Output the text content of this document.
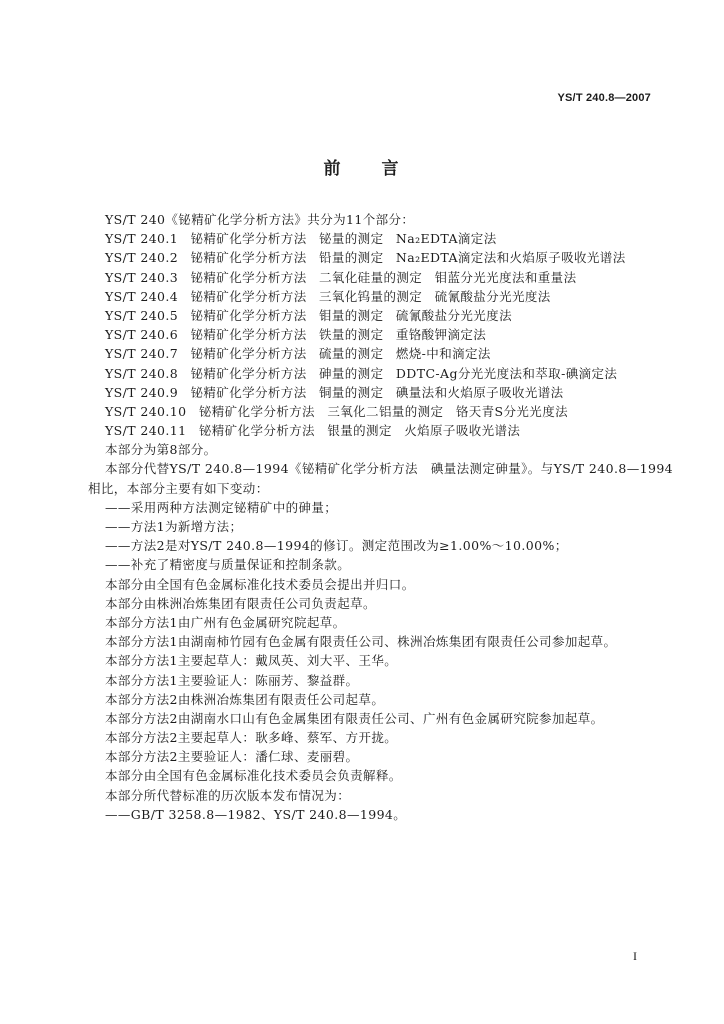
YS/T 240.8—2007
前　言
YS/T 240《铋精矿化学分析方法》共分为11个部分：
YS/T 240.1 铋精矿化学分析方法 铋量的测定 Na₂EDTA滴定法
YS/T 240.2 铋精矿化学分析方法 铅量的测定 Na₂EDTA滴定法和火焰原子吸收光谱法
YS/T 240.3 铋精矿化学分析方法 二氧化硅量的测定 钼蓝分光光度法和重量法
YS/T 240.4 铋精矿化学分析方法 三氧化钨量的测定 硫氰酸盐分光光度法
YS/T 240.5 铋精矿化学分析方法 钼量的测定 硫氰酸盐分光光度法
YS/T 240.6 铋精矿化学分析方法 铁量的测定 重铬酸钾滴定法
YS/T 240.7 铋精矿化学分析方法 硫量的测定 燃烧-中和滴定法
YS/T 240.8 铋精矿化学分析方法 砷量的测定 DDTC-Ag分光光度法和萃取-碘滴定法
YS/T 240.9 铋精矿化学分析方法 铜量的测定 碘量法和火焰原子吸收光谱法
YS/T 240.10 铋精矿化学分析方法 三氧化二铝量的测定 铬天青S分光光度法
YS/T 240.11 铋精矿化学分析方法 银量的测定 火焰原子吸收光谱法
本部分为第8部分。
本部分代替YS/T 240.8—1994《铋精矿化学分析方法　碘量法测定砷量》。与YS/T 240.8—1994
相比，本部分主要有如下变动：
——采用两种方法测定铋精矿中的砷量；
——方法1为新增方法；
——方法2是对YS/T 240.8—1994的修订。测定范围改为≥1.00%～10.00%；
——补充了精密度与质量保证和控制条款。
本部分由全国有色金属标准化技术委员会提出并归口。
本部分由株洲冶炼集团有限责任公司负责起草。
本部分方法1由广州有色金属研究院起草。
本部分方法1由湖南柿竹园有色金属有限责任公司、株洲冶炼集团有限责任公司参加起草。
本部分方法1主要起草人：戴凤英、刘大平、王华。
本部分方法1主要验证人：陈丽芳、黎益群。
本部分方法2由株洲冶炼集团有限责任公司起草。
本部分方法2由湖南水口山有色金属集团有限责任公司、广州有色金属研究院参加起草。
本部分方法2主要起草人：耿多峰、蔡军、方开拢。
本部分方法2主要验证人：潘仁球、麦丽碧。
本部分由全国有色金属标准化技术委员会负责解释。
本部分所代替标准的历次版本发布情况为：
——GB/T 3258.8—1982、YS/T 240.8—1994。
I
